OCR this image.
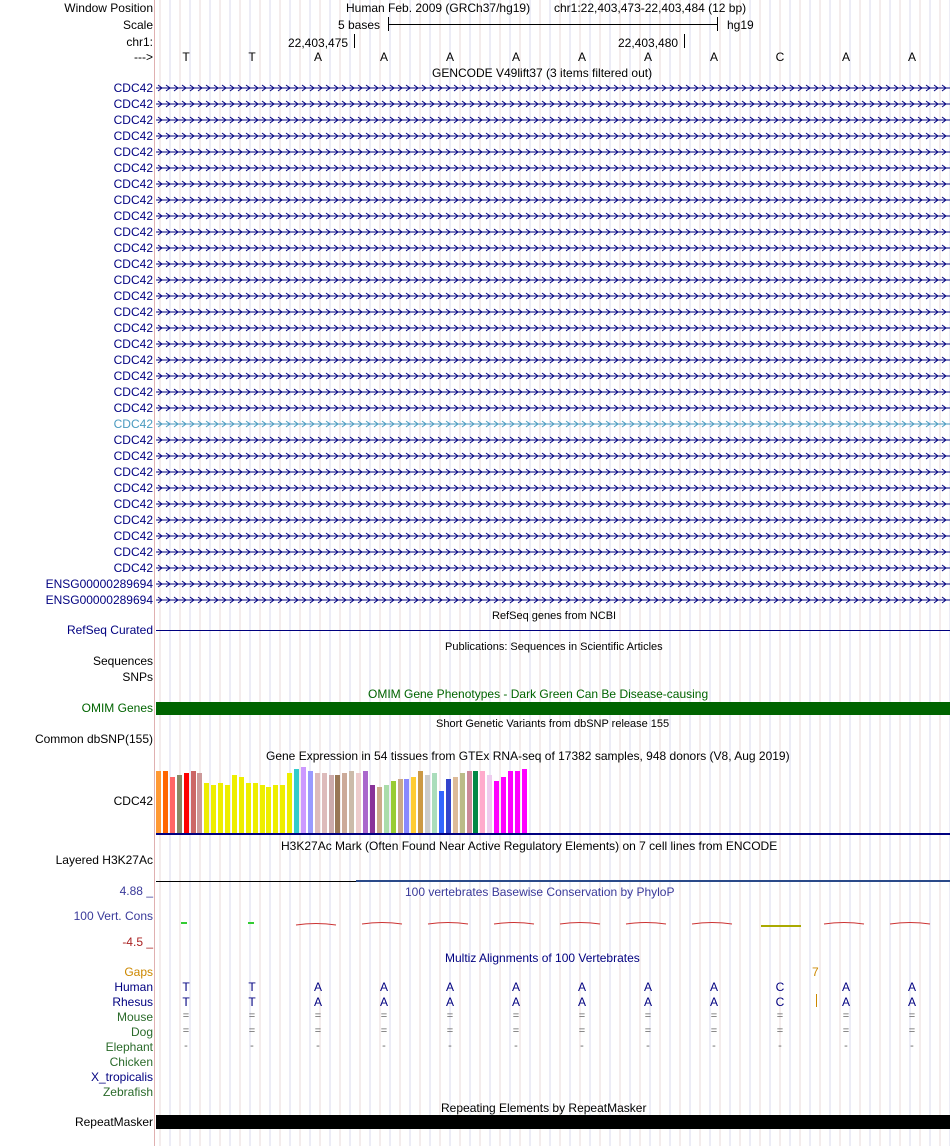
Window Position
Scale
chr1:
--->
Human Feb. 2009 (GRCh37/hg19) chr1:22,403,473-22,403,484 (12 bp)
5 bases	hg19
22,403,475	22,403,480
GENCODE V49lift37 (3 items filtered out)
RefSeq genes from NCBI
RefSeq Curated
Publications: Sequences in Scientific Articles
Sequences
SNPs
OMIM Gene Phenotypes - Dark Green Can Be Disease-causing
OMIM Genes
Short Genetic Variants from dbSNP release 155
Common dbSNP(155)
Gene Expression in 54 tissues from GTEx RNA-seq of 17382 samples, 948 donors (V8, Aug 2019)
CDC42
H3K27Ac Mark (Often Found Near Active Regulatory Elements) on 7 cell lines from ENCODE
Layered H3K27Ac
100 vertebrates Basewise Conservation by PhyloP
4.88 _
100 Vert. Cons
-4.5 _
Multiz Alignments of 100 Vertebrates
Gaps	7
Repeating Elements by RepeatMasker
RepeatMasker
T	T	A	A	A	A	A	A	A	C	A	A
CDC42
CDC42
CDC42
CDC42
CDC42
CDC42
CDC42
CDC42
CDC42
CDC42
CDC42
CDC42
CDC42
CDC42
CDC42
CDC42
CDC42
CDC42
CDC42
CDC42
CDC42
CDC42
CDC42
CDC42
CDC42
CDC42
CDC42
CDC42
CDC42
CDC42
CDC42
ENSG00000289694
ENSG00000289694
Human	T	T	A	A	A	A	A	A	A	C	A	A
Rhesus	T	T	A	A	A	A	A	A	A	C	A	A
Mouse	=	=	=	=	=	=	=	=	=	=	=	=
Dog	=	=	=	=	=	=	=	=	=	=	=	=
Elephant	-	-	-	-	-	-	-	-	-	-	-	-
Chicken
X_tropicalis
Zebrafish
